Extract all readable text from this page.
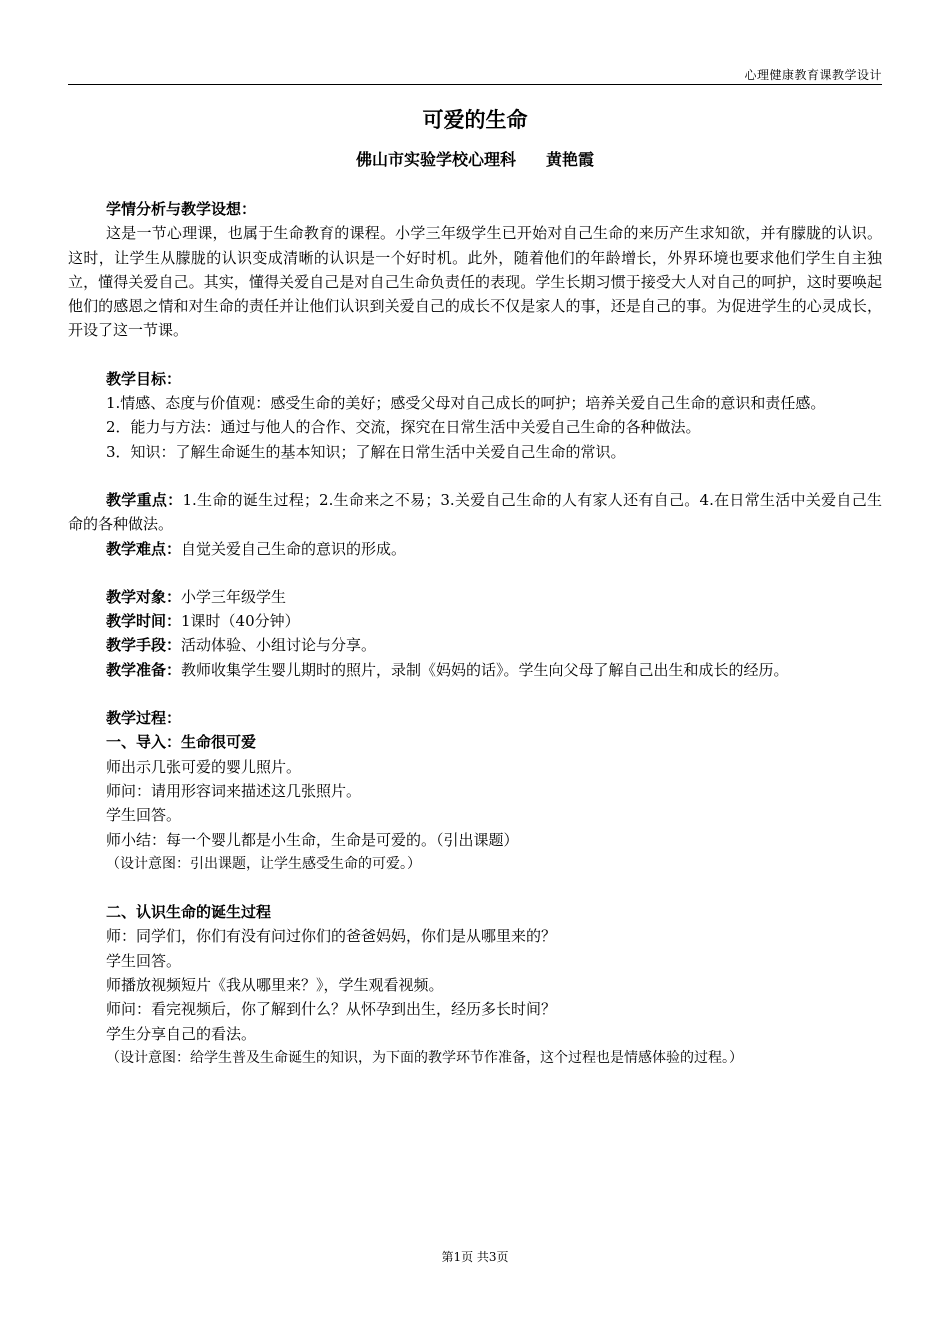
心理健康教育课教学设计
可爱的生命
佛山市实验学校心理科 黄艳霞
学情分析与教学设想：
这是一节心理课，也属于生命教育的课程。小学三年级学生已开始对自己生命的来历产生求知欲，并有朦胧的认识。这时，让学生从朦胧的认识变成清晰的认识是一个好时机。此外，随着他们的年龄增长，外界环境也要求他们学生自主独立，懂得关爱自己。其实，懂得关爱自己是对自己生命负责任的表现。学生长期习惯于接受大人对自己的呵护，这时要唤起他们的感恩之情和对生命的责任并让他们认识到关爱自己的成长不仅是家人的事，还是自己的事。为促进学生的心灵成长，开设了这一节课。
教学目标：
1.情感、态度与价值观：感受生命的美好；感受父母对自己成长的呵护；培养关爱自己生命的意识和责任感。
2．能力与方法：通过与他人的合作、交流，探究在日常生活中关爱自己生命的各种做法。
3．知识：了解生命诞生的基本知识；了解在日常生活中关爱自己生命的常识。
教学重点：1.生命的诞生过程；2.生命来之不易；3.关爱自己生命的人有家人还有自己。4.在日常生活中关爱自己生命的各种做法。
教学难点：自觉关爱自己生命的意识的形成。
教学对象：小学三年级学生
教学时间：1课时（40分钟）
教学手段：活动体验、小组讨论与分享。
教学准备：教师收集学生婴儿期时的照片，录制《妈妈的话》。学生向父母了解自己出生和成长的经历。
教学过程：
一、导入：生命很可爱
师出示几张可爱的婴儿照片。
师问：请用形容词来描述这几张照片。
学生回答。
师小结：每一个婴儿都是小生命，生命是可爱的。（引出课题）
（设计意图：引出课题，让学生感受生命的可爱。）
二、认识生命的诞生过程
师：同学们，你们有没有问过你们的爸爸妈妈，你们是从哪里来的？
学生回答。
师播放视频短片《我从哪里来？》，学生观看视频。
师问：看完视频后，你了解到什么？从怀孕到出生，经历多长时间？
学生分享自己的看法。
（设计意图：给学生普及生命诞生的知识，为下面的教学环节作准备，这个过程也是情感体验的过程。）
第1页 共3页
